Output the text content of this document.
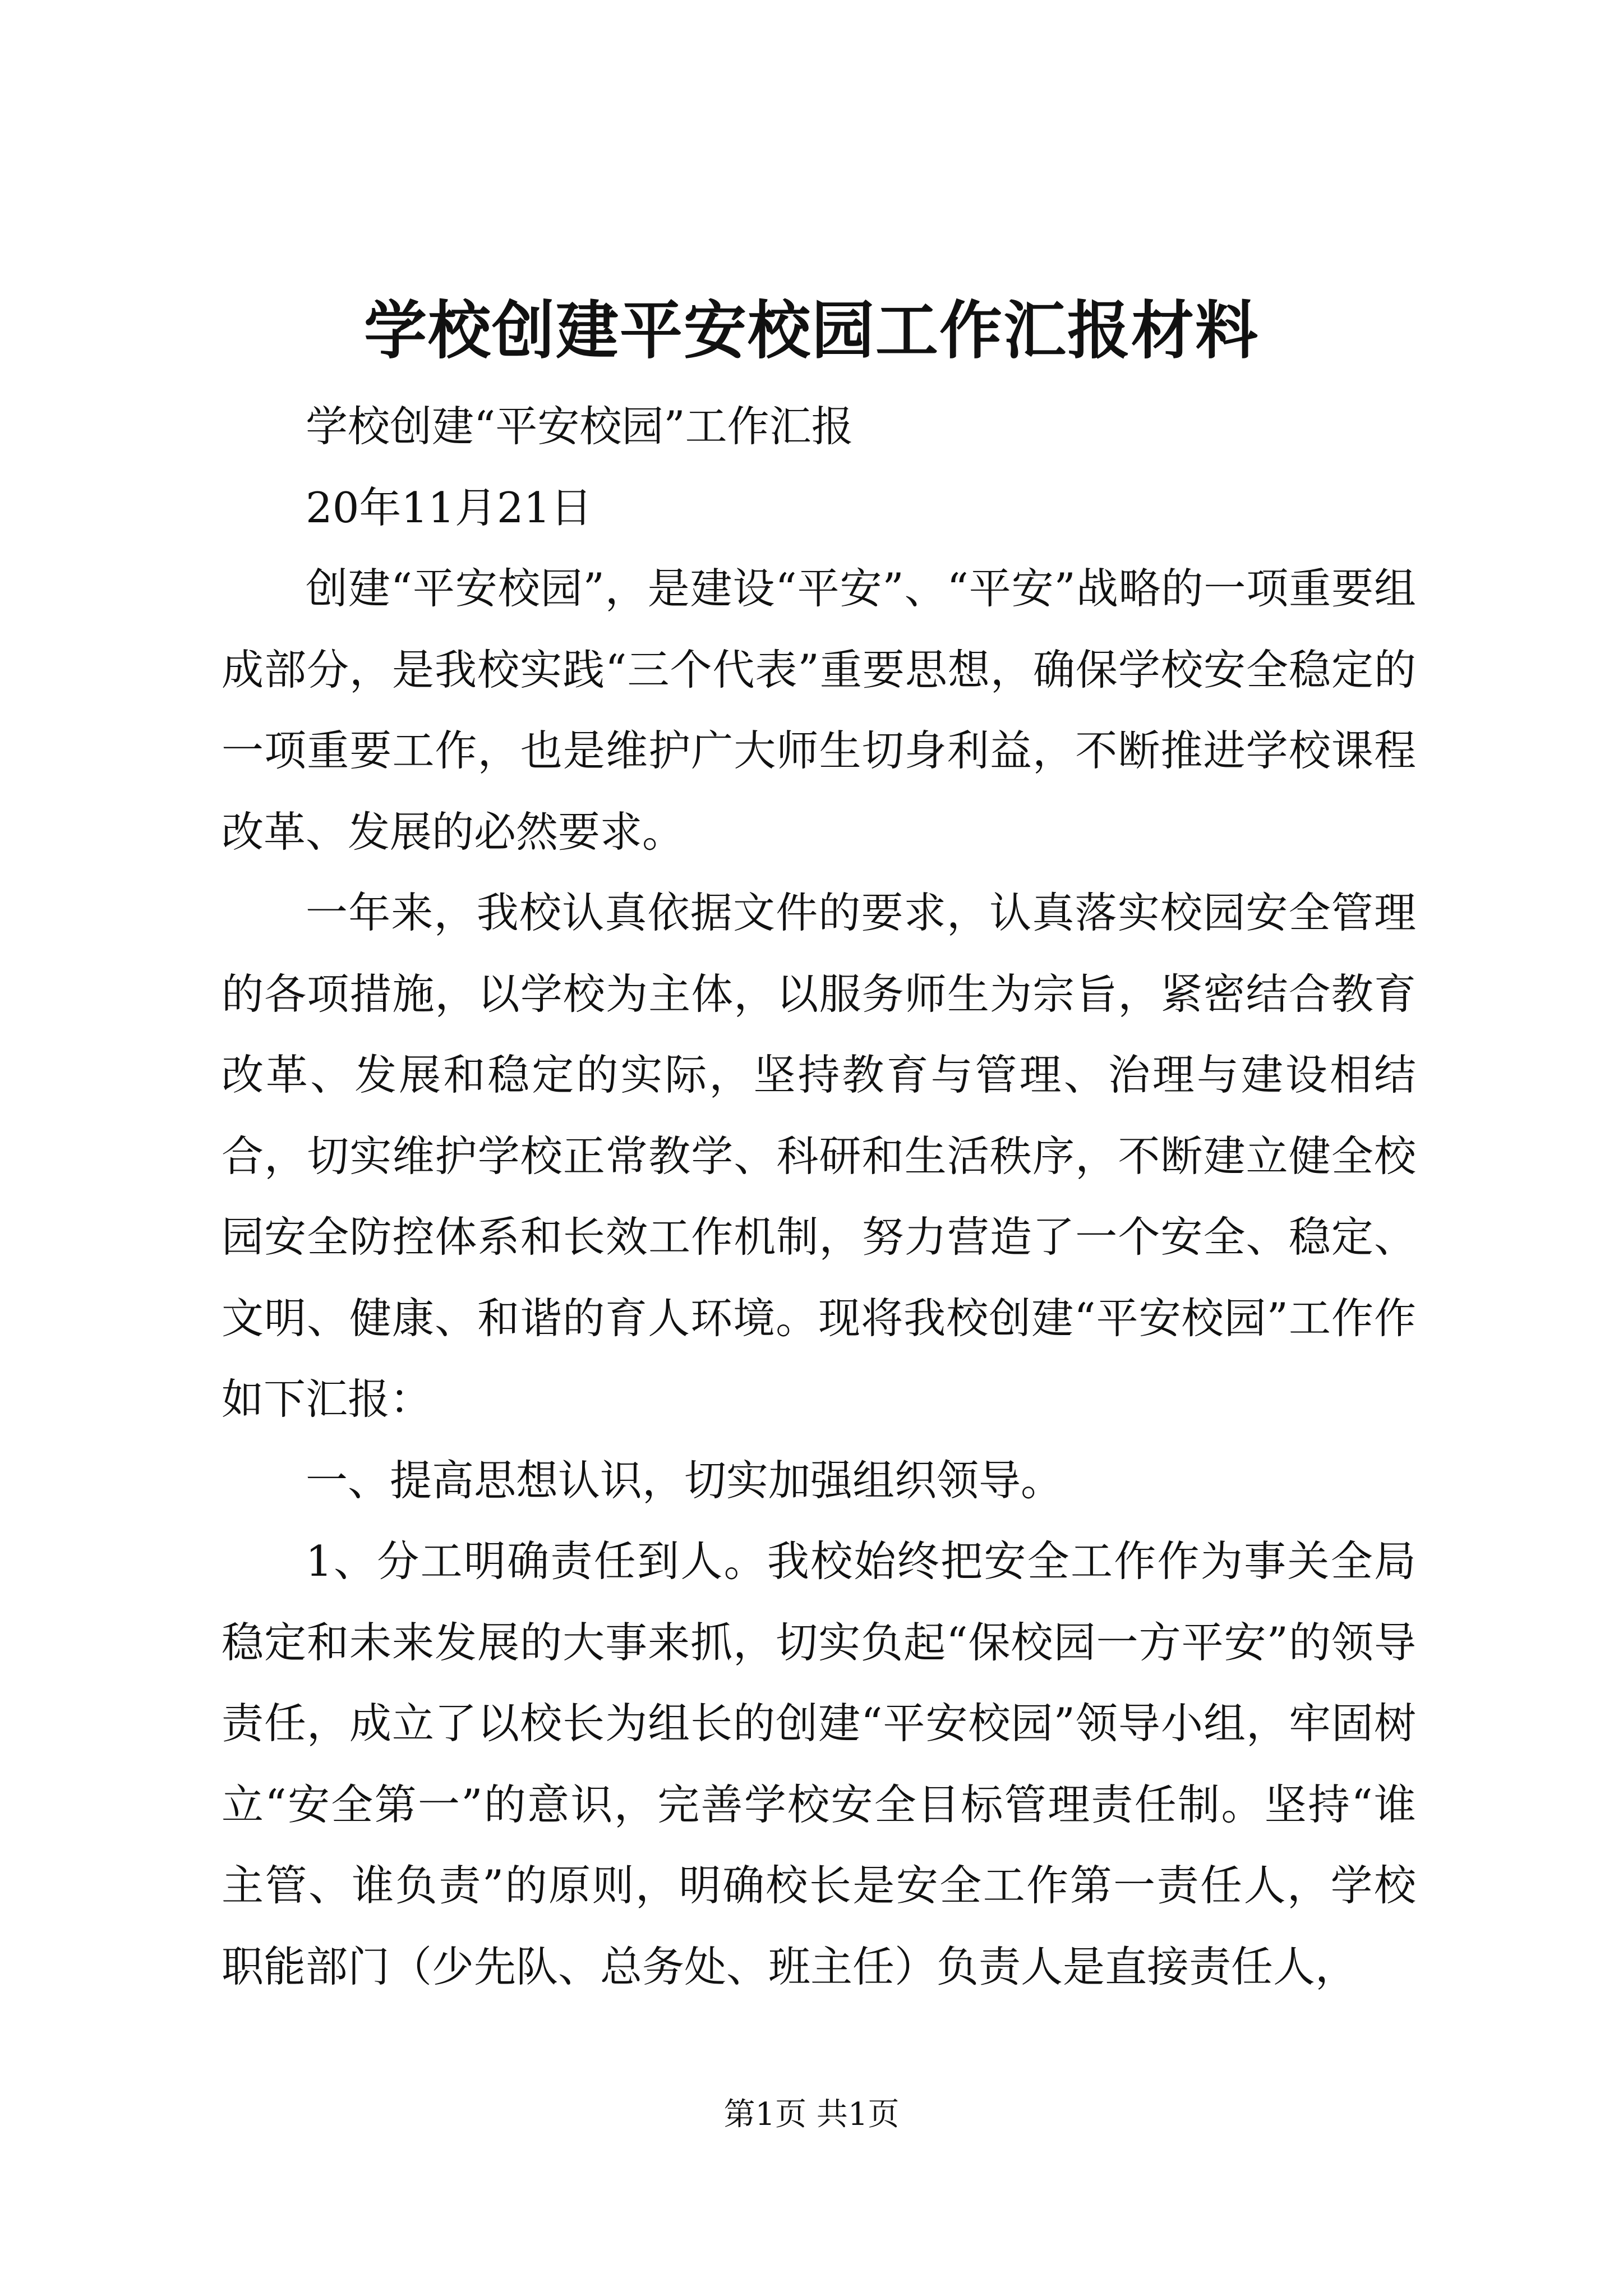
学校创建平安校园工作汇报材料

学校创建“平安校园”工作汇报

20年11月21日

创建“平安校园”，是建设“平安”、“平安”战略的一项重要组成部分，是我校实践“三个代表”重要思想，确保学校安全稳定的一项重要工作，也是维护广大师生切身利益，不断推进学校课程改革、发展的必然要求。

一年来，我校认真依据文件的要求，认真落实校园安全管理的各项措施，以学校为主体，以服务师生为宗旨，紧密结合教育改革、发展和稳定的实际，坚持教育与管理、治理与建设相结合，切实维护学校正常教学、科研和生活秩序，不断建立健全校园安全防控体系和长效工作机制，努力营造了一个安全、稳定、文明、健康、和谐的育人环境。现将我校创建“平安校园”工作作如下汇报：

一、提高思想认识，切实加强组织领导。

1、分工明确责任到人。我校始终把安全工作作为事关全局稳定和未来发展的大事来抓，切实负起“保校园一方平安”的领导责任，成立了以校长为组长的创建“平安校园”领导小组，牢固树立“安全第一”的意识，完善学校安全目标管理责任制。坚持“谁主管、谁负责”的原则，明确校长是安全工作第一责任人，学校职能部门（少先队、总务处、班主任）负责人是直接责任人，

第1页 共1页
